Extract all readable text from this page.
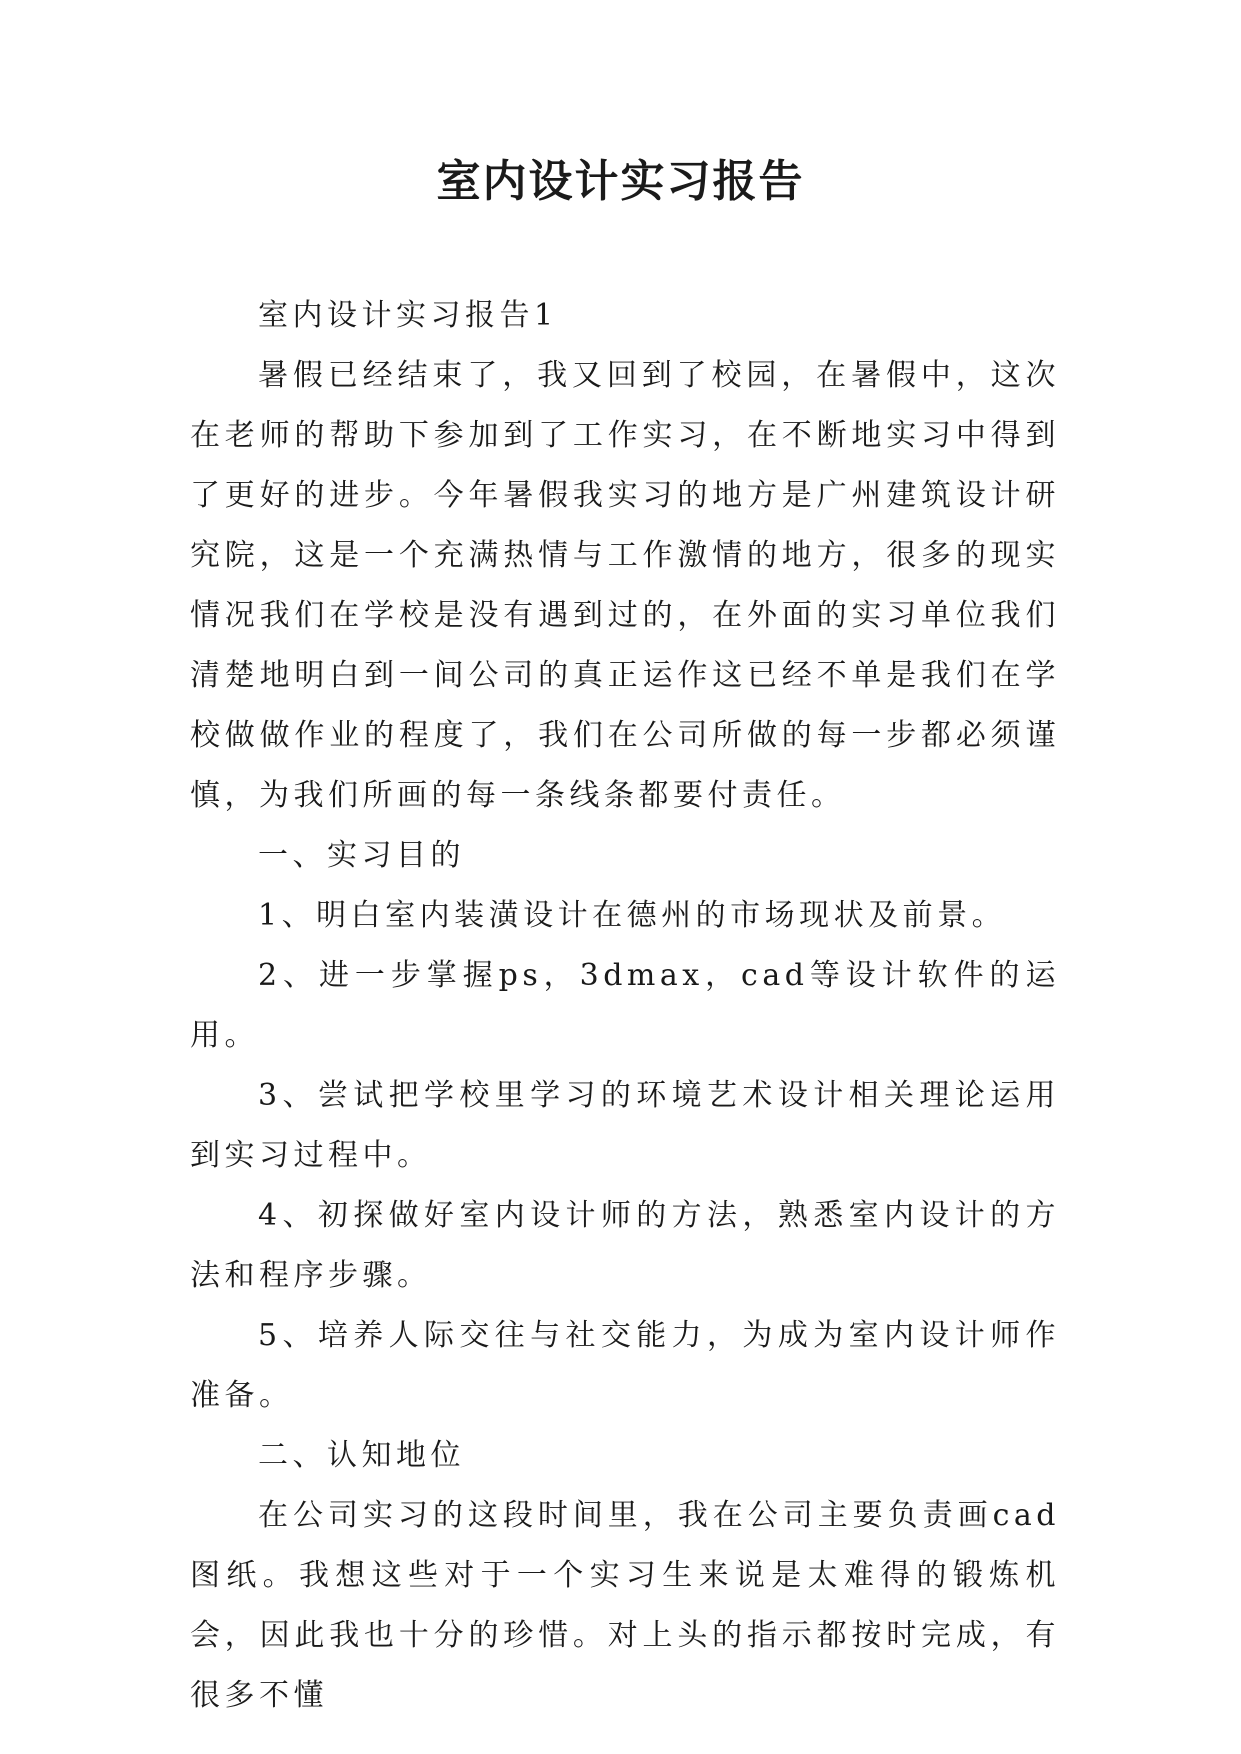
室内设计实习报告

室内设计实习报告1

暑假已经结束了，我又回到了校园，在暑假中，这次在老师的帮助下参加到了工作实习，在不断地实习中得到了更好的进步。今年暑假我实习的地方是广州建筑设计研究院，这是一个充满热情与工作激情的地方，很多的现实情况我们在学校是没有遇到过的，在外面的实习单位我们清楚地明白到一间公司的真正运作这已经不单是我们在学校做做作业的程度了，我们在公司所做的每一步都必须谨慎，为我们所画的每一条线条都要付责任。

一、实习目的

1、明白室内装潢设计在德州的市场现状及前景。

2、进一步掌握ps，3dmax，cad等设计软件的运用。

3、尝试把学校里学习的环境艺术设计相关理论运用到实习过程中。

4、初探做好室内设计师的方法，熟悉室内设计的方法和程序步骤。

5、培养人际交往与社交能力，为成为室内设计师作准备。

二、认知地位

在公司实习的这段时间里，我在公司主要负责画cad图纸。我想这些对于一个实习生来说是太难得的锻炼机会，因此我也十分的珍惜。对上头的指示都按时完成，有很多不懂
